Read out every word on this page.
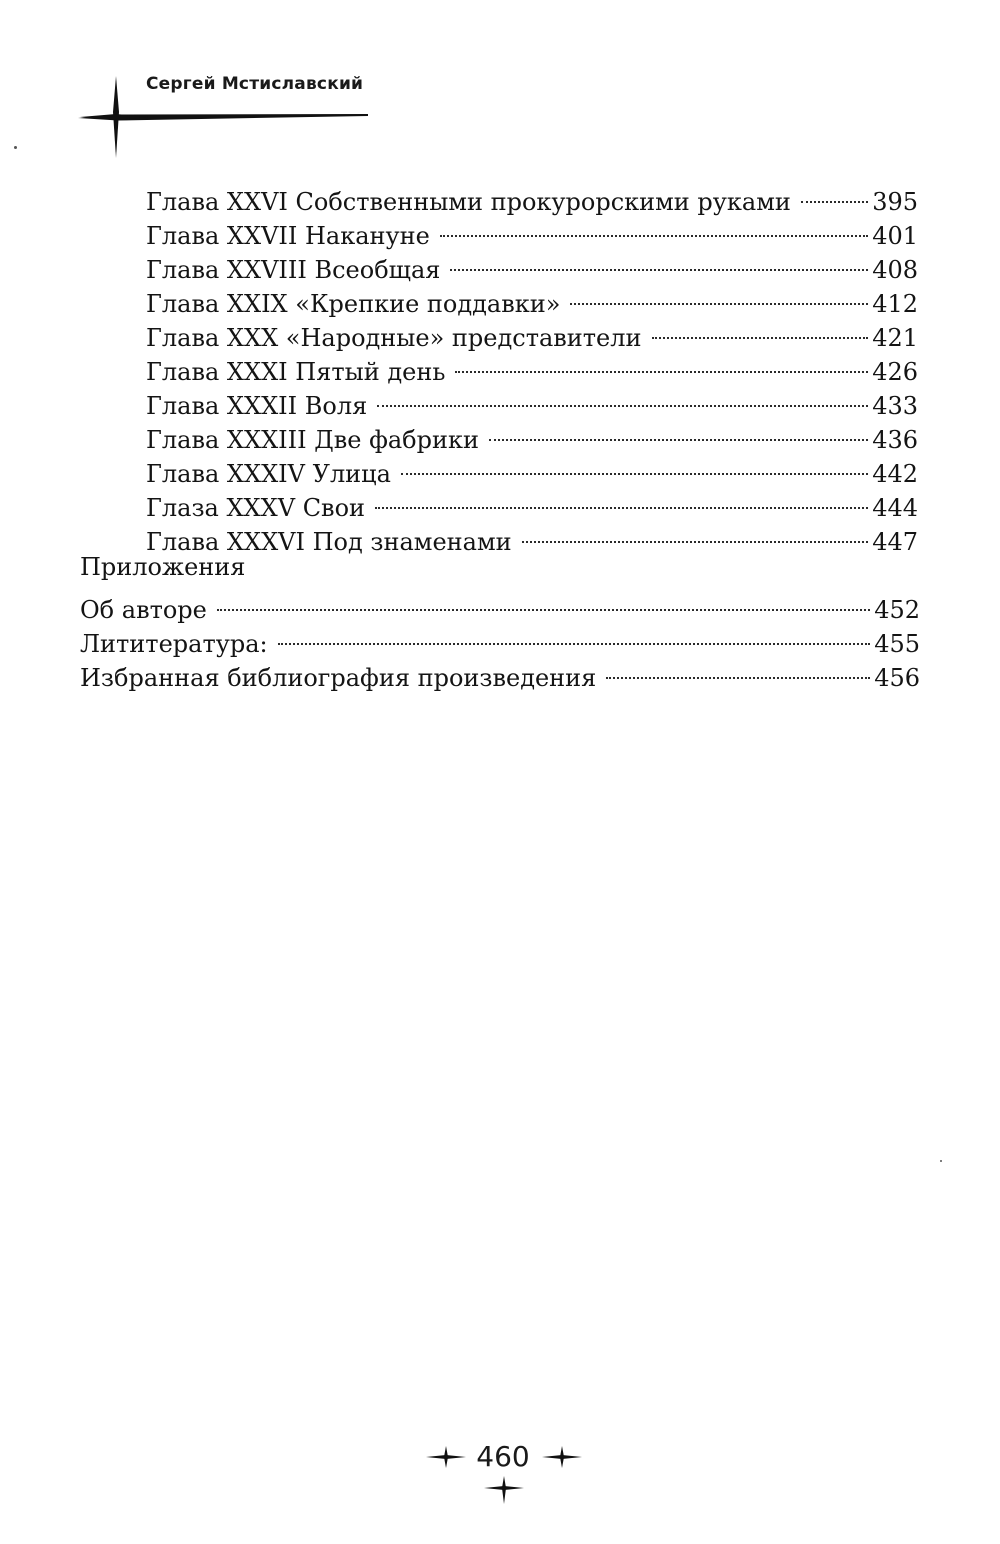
Сергей Мстиславский
Глава XXVI Собственными прокурорскими руками	395
Глава XXVII Накануне	401
Глава XXVIII Всеобщая	408
Глава XXIX «Крепкие поддавки»	412
Глава XXX «Народные» представители	421
Глава XXXI Пятый день	426
Глава XXXII Воля	433
Глава XXXIII Две фабрики	436
Глава XXXIV Улица	442
Глаза XXXV Свои	444
Глава XXXVI Под знаменами	447
Приложения
Об авторе	452
Лититература:	455
Избранная библиография произведения	456
460
